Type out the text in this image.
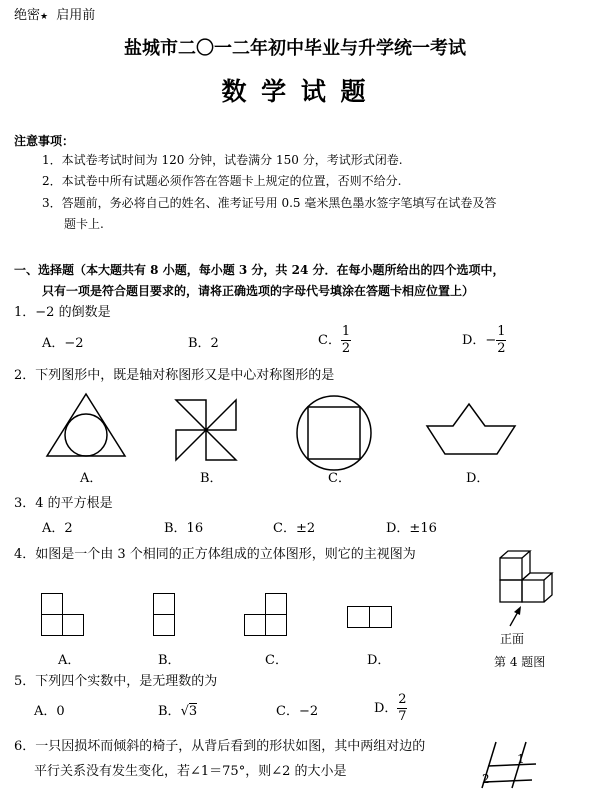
绝密★ 启用前
盐城市二〇一二年初中毕业与升学统一考试
数 学 试 题
注意事项：
1．本试卷考试时间为 120 分钟，试卷满分 150 分，考试形式闭卷.
2．本试卷中所有试题必须作答在答题卡上规定的位置，否则不给分.
3．答题前，务必将自己的姓名、准考证号用 0.5 毫米黑色墨水签字笔填写在试卷及答
题卡上.
一、选择题（本大题共有 8 小题，每小题 3 分，共 24 分．在每小题所给出的四个选项中，
只有一项是符合题目要求的，请将正确选项的字母代号填涂在答题卡相应位置上）
1．−2 的倒数是
A．−2	B．2	C． $\frac{1}{2}$	D．− $\frac{1}{2}$
2．下列图形中，既是轴对称图形又是中心对称图形的是
A．	B．	C．	D．
3．4 的平方根是
A．2	B．16	C．±2	D．±16
4．如图是一个由 3 个相同的正方体组成的立体图形，则它的主视图为
A．	B．	C．	D．
正面
第 4 题图
5．下列四个实数中，是无理数的为
A．0	B．√3	C．−2	D． $\frac{2}{7}$
6．一只因损坏而倾斜的椅子，从背后看到的形状如图，其中两组对边的
平行关系没有发生变化，若∠1＝75°，则∠2 的大小是
1
2
